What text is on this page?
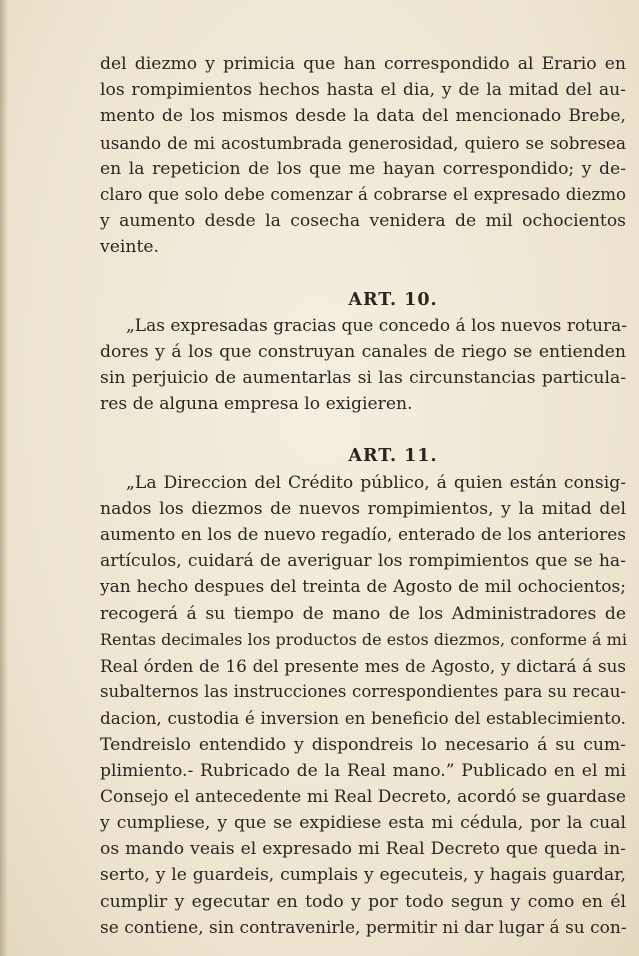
del diezmo y primicia que han correspondido al Erario en
los rompimientos hechos hasta el dia, y de la mitad del au-
mento de los mismos desde la data del mencionado Brebe,
usando de mi acostumbrada generosidad, quiero se sobresea
en la repeticion de los que me hayan correspondido; y de-
claro que solo debe comenzar á cobrarse el expresado diezmo
y aumento desde la cosecha venidera de mil ochocientos
veinte.
ART. 10.
„Las expresadas gracias que concedo á los nuevos rotura-
dores y á los que construyan canales de riego se entienden
sin perjuicio de aumentarlas si las circunstancias particula-
res de alguna empresa lo exigieren.
ART. 11.
„La Direccion del Crédito público, á quien están consig-
nados los diezmos de nuevos rompimientos, y la mitad del
aumento en los de nuevo regadío, enterado de los anteriores
artículos, cuidará de averiguar los rompimientos que se ha-
yan hecho despues del treinta de Agosto de mil ochocientos;
recogerá á su tiempo de mano de los Administradores de
Rentas decimales los productos de estos diezmos, conforme á mi
Real órden de 16 del presente mes de Agosto, y dictará á sus
subalternos las instrucciones correspondientes para su recau-
dacion, custodia é inversion en beneficio del establecimiento.
Tendreislo entendido y dispondreis lo necesario á su cum-
plimiento.- Rubricado de la Real mano.” Publicado en el mi
Consejo el antecedente mi Real Decreto, acordó se guardase
y cumpliese, y que se expidiese esta mi cédula, por la cual
os mando veais el expresado mi Real Decreto que queda in-
serto, y le guardeis, cumplais y egecuteis, y hagais guardar,
cumplir y egecutar en todo y por todo segun y como en él
se contiene, sin contravenirle, permitir ni dar lugar á su con-
